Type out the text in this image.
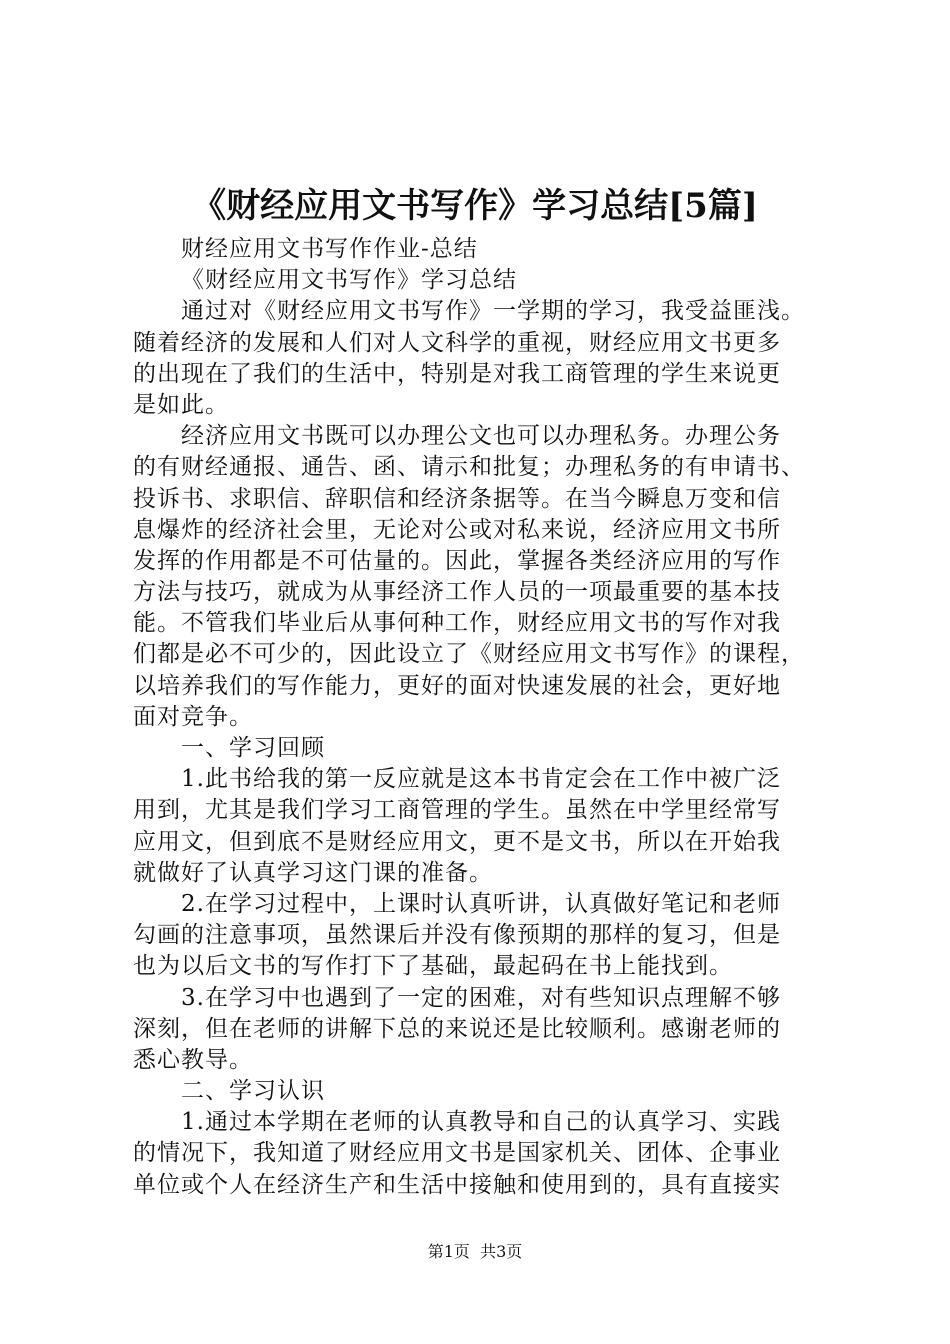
《财经应用文书写作》学习总结[5篇]
财经应用文书写作作业-总结
《财经应用文书写作》学习总结
通过对《财经应用文书写作》一学期的学习，我受益匪浅。
随着经济的发展和人们对人文科学的重视，财经应用文书更多
的出现在了我们的生活中，特别是对我工商管理的学生来说更
是如此。
经济应用文书既可以办理公文也可以办理私务。办理公务
的有财经通报、通告、函、请示和批复；办理私务的有申请书、
投诉书、求职信、辞职信和经济条据等。在当今瞬息万变和信
息爆炸的经济社会里，无论对公或对私来说，经济应用文书所
发挥的作用都是不可估量的。因此，掌握各类经济应用的写作
方法与技巧，就成为从事经济工作人员的一项最重要的基本技
能。不管我们毕业后从事何种工作，财经应用文书的写作对我
们都是必不可少的，因此设立了《财经应用文书写作》的课程，
以培养我们的写作能力，更好的面对快速发展的社会，更好地
面对竞争。
一、学习回顾
1.此书给我的第一反应就是这本书肯定会在工作中被广泛
用到，尤其是我们学习工商管理的学生。虽然在中学里经常写
应用文，但到底不是财经应用文，更不是文书，所以在开始我
就做好了认真学习这门课的准备。
2.在学习过程中，上课时认真听讲，认真做好笔记和老师
勾画的注意事项，虽然课后并没有像预期的那样的复习，但是
也为以后文书的写作打下了基础，最起码在书上能找到。
3.在学习中也遇到了一定的困难，对有些知识点理解不够
深刻，但在老师的讲解下总的来说还是比较顺利。感谢老师的
悉心教导。
二、学习认识
1.通过本学期在老师的认真教导和自己的认真学习、实践
的情况下，我知道了财经应用文书是国家机关、团体、企事业
单位或个人在经济生产和生活中接触和使用到的，具有直接实
第1页  共3页
